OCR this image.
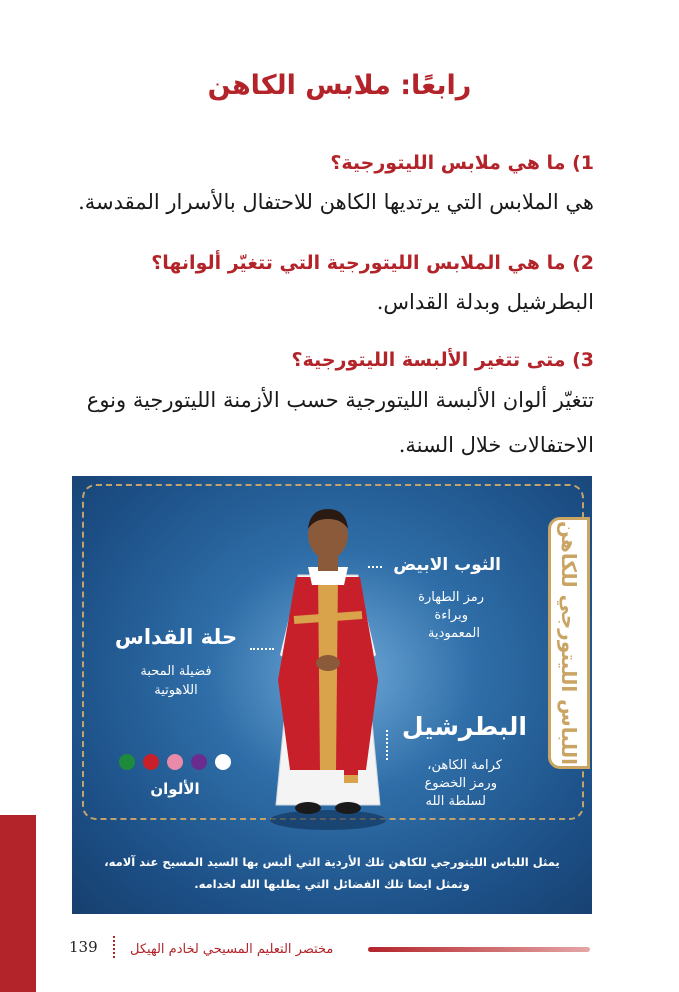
رابعًا: ملابس الكاهن
1) ما هي ملابس الليتورجية؟
هي الملابس التي يرتديها الكاهن للاحتفال بالأسرار المقدسة.
2) ما هي الملابس الليتورجية التي تتغيّر ألوانها؟
البطرشيل وبدلة القداس.
3) متى تتغير الألبسة الليتورجية؟
تتغيّر ألوان الألبسة الليتورجية حسب الأزمنة الليتورجية ونوع
الاحتفالات خلال السنة.
اللباس الليتورجي للكاهن
الثوب الابيض
رمز الطهارة
وبراءة
المعمودية
حلة القداس
فضيلة المحبة
اللاهوتية
البطرشيل
كرامة الكاهن،
ورمز الخضوع
لسلطة الله
الألوان
يمثل اللباس الليتورجي للكاهن تلك الأردية التي ألبس بها السيد المسيح عند آلامه،
وتمثل ايضا تلك الفضائل التي يطلبها الله لخدامه.
139 مختصر التعليم المسيحي لخادم الهيكل
